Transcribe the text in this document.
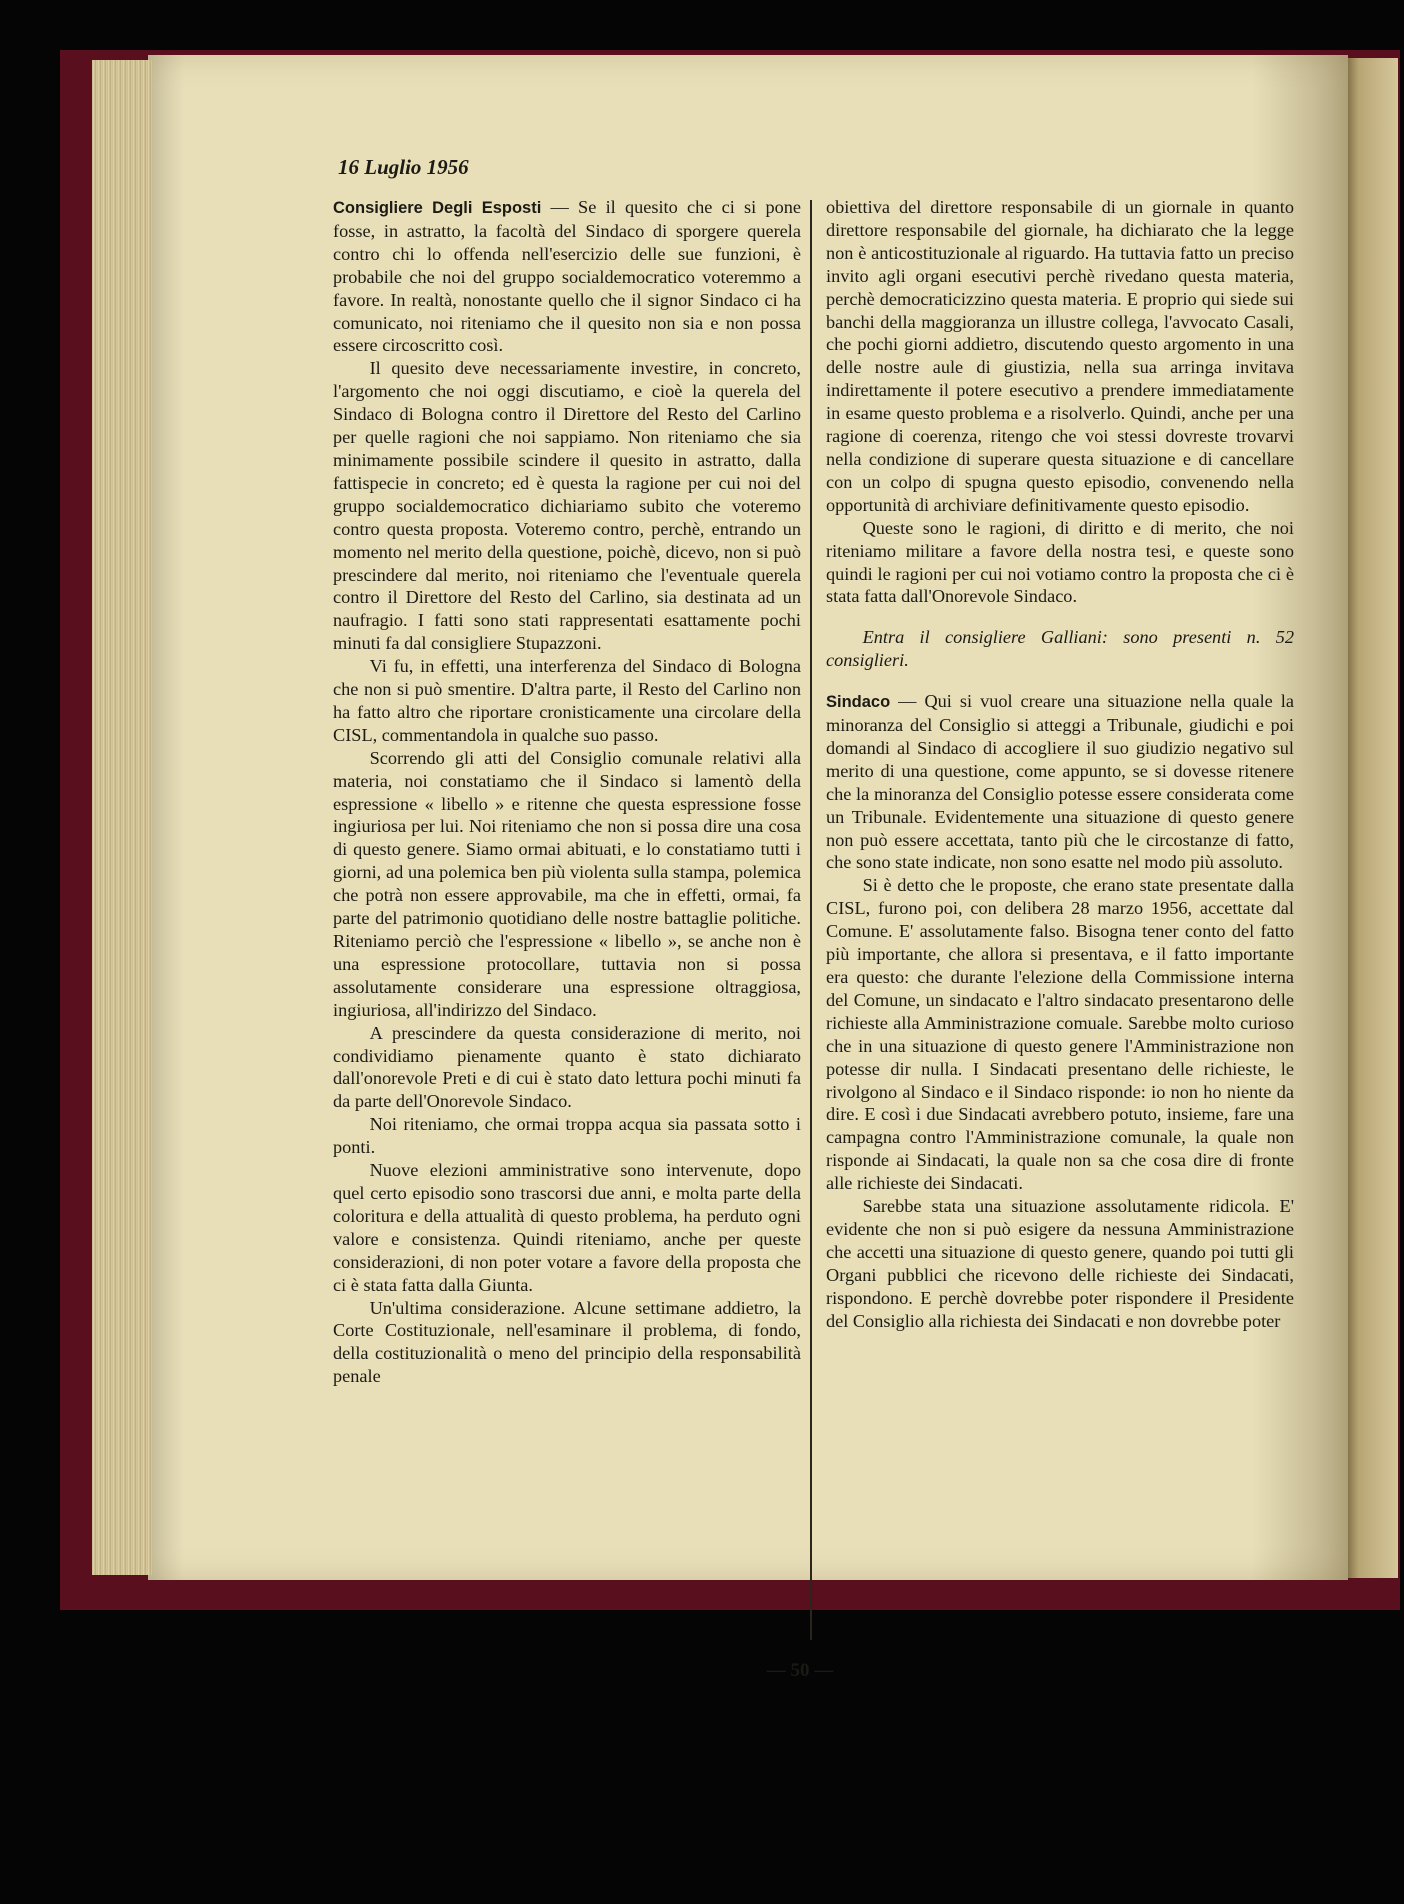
16 Luglio 1956

Consigliere Degli Esposti — Se il quesito che ci si pone fosse, in astratto, la facoltà del Sindaco di sporgere querela contro chi lo offenda nell'esercizio delle sue funzioni, è probabile che noi del gruppo socialdemocratico voteremmo a favore. In realtà, nonostante quello che il signor Sindaco ci ha comunicato, noi riteniamo che il quesito non sia e non possa essere circoscritto così.

Il quesito deve necessariamente investire, in concreto, l'argomento che noi oggi discutiamo, e cioè la querela del Sindaco di Bologna contro il Direttore del Resto del Carlino per quelle ragioni che noi sappiamo. Non riteniamo che sia minimamente possibile scindere il quesito in astratto, dalla fattispecie in concreto; ed è questa la ragione per cui noi del gruppo socialdemocratico dichiariamo subito che voteremo contro questa proposta. Voteremo contro, perchè, entrando un momento nel merito della questione, poichè, dicevo, non si può prescindere dal merito, noi riteniamo che l'eventuale querela contro il Direttore del Resto del Carlino, sia destinata ad un naufragio. I fatti sono stati rappresentati esattamente pochi minuti fa dal consigliere Stupazzoni.

Vi fu, in effetti, una interferenza del Sindaco di Bologna che non si può smentire. D'altra parte, il Resto del Carlino non ha fatto altro che riportare cronisticamente una circolare della CISL, commentandola in qualche suo passo.

Scorrendo gli atti del Consiglio comunale relativi alla materia, noi constatiamo che il Sindaco si lamentò della espressione « libello » e ritenne che questa espressione fosse ingiuriosa per lui. Noi riteniamo che non si possa dire una cosa di questo genere. Siamo ormai abituati, e lo constatiamo tutti i giorni, ad una polemica ben più violenta sulla stampa, polemica che potrà non essere approvabile, ma che in effetti, ormai, fa parte del patrimonio quotidiano delle nostre battaglie politiche. Riteniamo perciò che l'espressione « libello », se anche non è una espressione protocollare, tuttavia non si possa assolutamente considerare una espressione oltraggiosa, ingiuriosa, all'indirizzo del Sindaco.

A prescindere da questa considerazione di merito, noi condividiamo pienamente quanto è stato dichiarato dall'onorevole Preti e di cui è stato dato lettura pochi minuti fa da parte dell'Onorevole Sindaco.

Noi riteniamo, che ormai troppa acqua sia passata sotto i ponti.

Nuove elezioni amministrative sono intervenute, dopo quel certo episodio sono trascorsi due anni, e molta parte della coloritura e della attualità di questo problema, ha perduto ogni valore e consistenza. Quindi riteniamo, anche per queste considerazioni, di non poter votare a favore della proposta che ci è stata fatta dalla Giunta.

Un'ultima considerazione. Alcune settimane addietro, la Corte Costituzionale, nell'esaminare il problema, di fondo, della costituzionalità o meno del principio della responsabilità penale

obiettiva del direttore responsabile di un giornale in quanto direttore responsabile del giornale, ha dichiarato che la legge non è anticostituzionale al riguardo. Ha tuttavia fatto un preciso invito agli organi esecutivi perchè rivedano questa materia, perchè democraticizzino questa materia. E proprio qui siede sui banchi della maggioranza un illustre collega, l'avvocato Casali, che pochi giorni addietro, discutendo questo argomento in una delle nostre aule di giustizia, nella sua arringa invitava indirettamente il potere esecutivo a prendere immediatamente in esame questo problema e a risolverlo. Quindi, anche per una ragione di coerenza, ritengo che voi stessi dovreste trovarvi nella condizione di superare questa situazione e di cancellare con un colpo di spugna questo episodio, convenendo nella opportunità di archiviare definitivamente questo episodio.

Queste sono le ragioni, di diritto e di merito, che noi riteniamo militare a favore della nostra tesi, e queste sono quindi le ragioni per cui noi votiamo contro la proposta che ci è stata fatta dall'Onorevole Sindaco.

Entra il consigliere Galliani: sono presenti n. 52 consiglieri.

Sindaco — Qui si vuol creare una situazione nella quale la minoranza del Consiglio si atteggi a Tribunale, giudichi e poi domandi al Sindaco di accogliere il suo giudizio negativo sul merito di una questione, come appunto, se si dovesse ritenere che la minoranza del Consiglio potesse essere considerata come un Tribunale. Evidentemente una situazione di questo genere non può essere accettata, tanto più che le circostanze di fatto, che sono state indicate, non sono esatte nel modo più assoluto.

Si è detto che le proposte, che erano state presentate dalla CISL, furono poi, con delibera 28 marzo 1956, accettate dal Comune. E' assolutamente falso. Bisogna tener conto del fatto più importante, che allora si presentava, e il fatto importante era questo: che durante l'elezione della Commissione interna del Comune, un sindacato e l'altro sindacato presentarono delle richieste alla Amministrazione comuale. Sarebbe molto curioso che in una situazione di questo genere l'Amministrazione non potesse dir nulla. I Sindacati presentano delle richieste, le rivolgono al Sindaco e il Sindaco risponde: io non ho niente da dire. E così i due Sindacati avrebbero potuto, insieme, fare una campagna contro l'Amministrazione comunale, la quale non risponde ai Sindacati, la quale non sa che cosa dire di fronte alle richieste dei Sindacati.

Sarebbe stata una situazione assolutamente ridicola. E' evidente che non si può esigere da nessuna Amministrazione che accetti una situazione di questo genere, quando poi tutti gli Organi pubblici che ricevono delle richieste dei Sindacati, rispondono. E perchè dovrebbe poter rispondere il Presidente del Consiglio alla richiesta dei Sindacati e non dovrebbe poter

— 50 —
